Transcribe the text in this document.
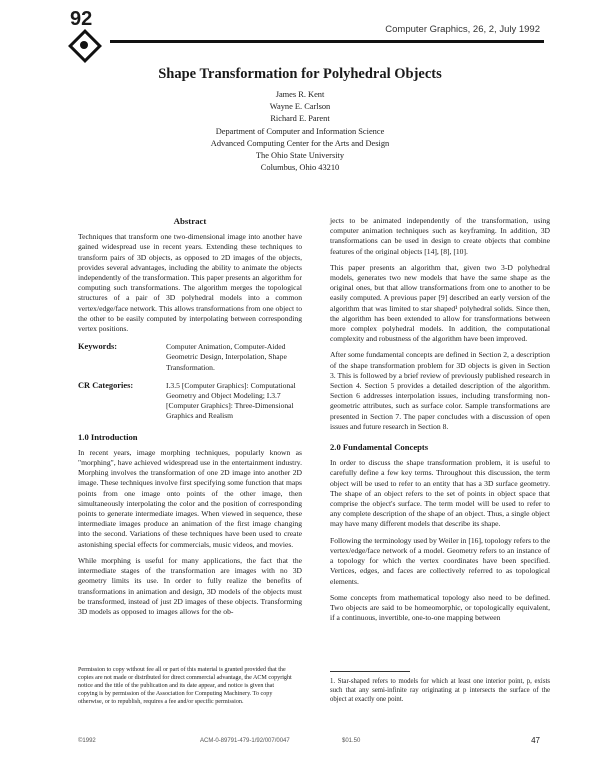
92	Computer Graphics, 26, 2, July 1992
Shape Transformation for Polyhedral Objects
James R. Kent
Wayne E. Carlson
Richard E. Parent
Department of Computer and Information Science
Advanced Computing Center for the Arts and Design
The Ohio State University
Columbus, Ohio 43210
Abstract

Techniques that transform one two-dimensional image into another have gained widespread use in recent years. Extending these techniques to transform pairs of 3D objects, as opposed to 2D images of the objects, provides several advantages, including the ability to animate the objects independently of the transformation. This paper presents an algorithm for computing such transformations. The algorithm merges the topological structures of a pair of 3D polyhedral models into a common vertex/edge/face network. This allows transformations from one object to the other to be easily computed by interpolating between corresponding vertex positions.

Keywords:	Computer Animation, Computer-Aided Geometric Design, Interpolation, Shape Transformation.
CR Categories:	I.3.5 [Computer Graphics]: Computational Geometry and Object Modeling; I.3.7 [Computer Graphics]: Three-Dimensional Graphics and Realism
1.0 Introduction

In recent years, image morphing techniques, popularly known as "morphing", have achieved widespread use in the entertainment industry. Morphing involves the transformation of one 2D image into another 2D image. These techniques involve first specifying some function that maps points from one image onto points of the other image, then simultaneously interpolating the color and the position of corresponding points to generate intermediate images. When viewed in sequence, these intermediate images produce an animation of the first image changing into the second. Variations of these techniques have been used to create astonishing special effects for commercials, music videos, and movies.

While morphing is useful for many applications, the fact that the intermediate stages of the transformation are images with no 3D geometry limits its use. In order to fully realize the benefits of transformations in animation and design, 3D models of the objects must be transformed, instead of just 2D images of these objects. Transforming 3D models as opposed to images allows for the ob-

Permission to copy without fee all or part of this material is granted provided that the copies are not made or distributed for direct commercial advantage, the ACM copyright notice and the title of the publication and its date appear, and notice is given that copying is by permission of the Association for Computing Machinery. To copy otherwise, or to republish, requires a fee and/or specific permission.

jects to be animated independently of the transformation, using computer animation techniques such as keyframing. In addition, 3D transformations can be used in design to create objects that combine features of the original objects [14], [8], [10].

This paper presents an algorithm that, given two 3-D polyhedral models, generates two new models that have the same shape as the original ones, but that allow transformations from one to another to be easily computed. A previous paper [9] described an early version of the algorithm that was limited to star shaped¹ polyhedral solids. Since then, the algorithm has been extended to allow for transformations between more complex polyhedral models. In addition, the computational complexity and robustness of the algorithm have been improved.

After some fundamental concepts are defined in Section 2, a description of the shape transformation problem for 3D objects is given in Section 3. This is followed by a brief review of previously published research in Section 4. Section 5 provides a detailed description of the algorithm. Section 6 addresses interpolation issues, including transforming non-geometric attributes, such as surface color. Sample transformations are presented in Section 7. The paper concludes with a discussion of open issues and future research in Section 8.

2.0 Fundamental Concepts

In order to discuss the shape transformation problem, it is useful to carefully define a few key terms. Throughout this discussion, the term object will be used to refer to an entity that has a 3D surface geometry. The shape of an object refers to the set of points in object space that comprise the object's surface. The term model will be used to refer to any complete description of the shape of an object. Thus, a single object may have many different models that describe its shape.

Following the terminology used by Weiler in [16], topology refers to the vertex/edge/face network of a model. Geometry refers to an instance of a topology for which the vertex coordinates have been specified. Vertices, edges, and faces are collectively referred to as topological elements.

Some concepts from mathematical topology also need to be defined. Two objects are said to be homeomorphic, or topologically equivalent, if a continuous, invertible, one-to-one mapping between

1. Star-shaped refers to models for which at least one interior point, p, exists such that any semi-infinite ray originating at p intersects the surface of the object at exactly one point.
©1992	ACM-0-89791-479-1/92/007/0047	$01.50	47
